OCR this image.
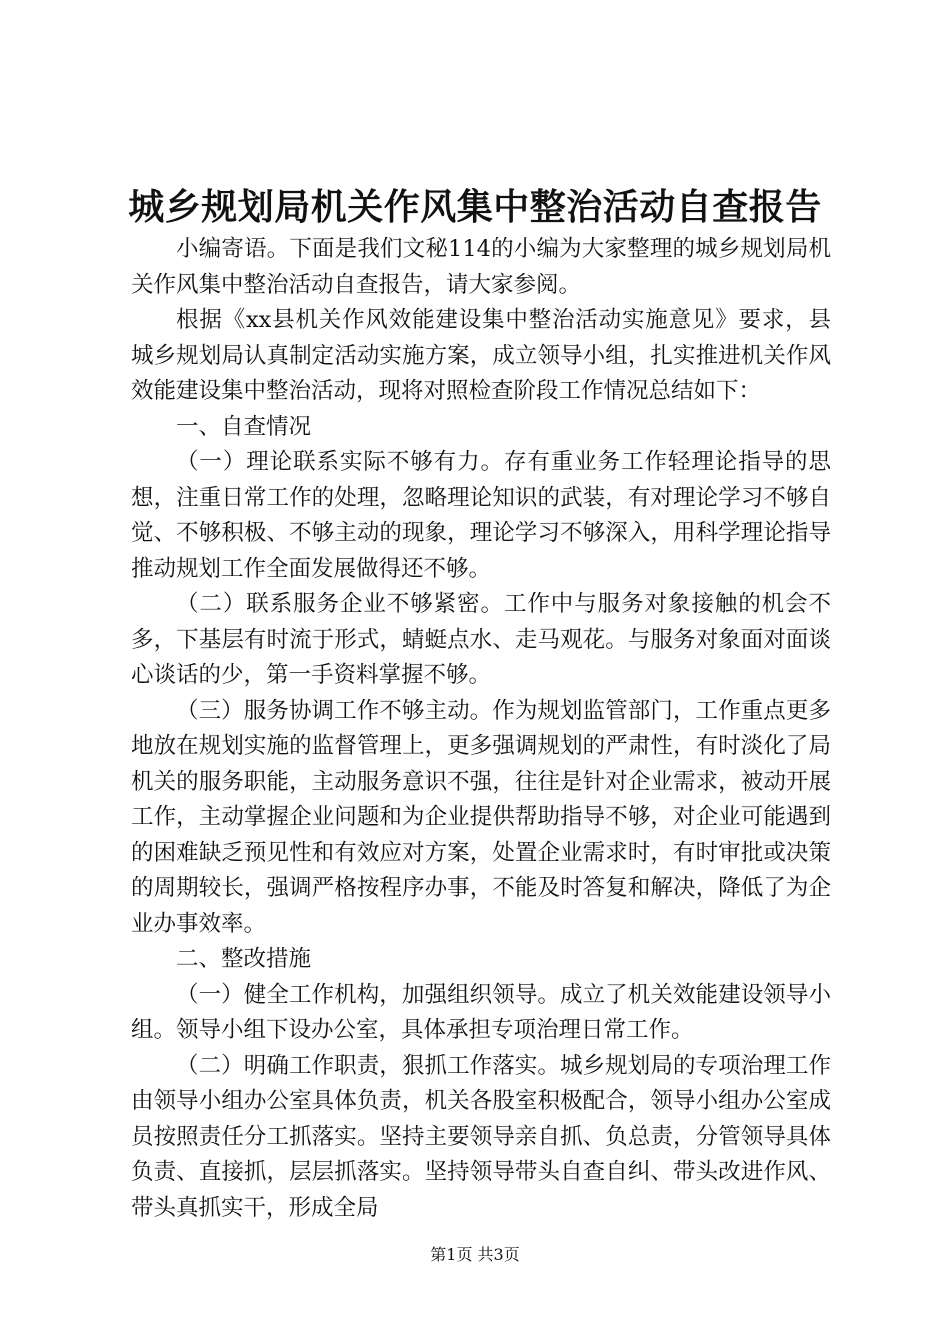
城乡规划局机关作风集中整治活动自查报告

小编寄语。下面是我们文秘114的小编为大家整理的城乡规划局机关作风集中整治活动自查报告，请大家参阅。

根据《xx县机关作风效能建设集中整治活动实施意见》要求，县城乡规划局认真制定活动实施方案，成立领导小组，扎实推进机关作风效能建设集中整治活动，现将对照检查阶段工作情况总结如下：

一、自查情况

（一）理论联系实际不够有力。存有重业务工作轻理论指导的思想，注重日常工作的处理，忽略理论知识的武装，有对理论学习不够自觉、不够积极、不够主动的现象，理论学习不够深入，用科学理论指导推动规划工作全面发展做得还不够。

（二）联系服务企业不够紧密。工作中与服务对象接触的机会不多，下基层有时流于形式，蜻蜓点水、走马观花。与服务对象面对面谈心谈话的少，第一手资料掌握不够。

（三）服务协调工作不够主动。作为规划监管部门，工作重点更多地放在规划实施的监督管理上，更多强调规划的严肃性，有时淡化了局机关的服务职能，主动服务意识不强，往往是针对企业需求，被动开展工作，主动掌握企业问题和为企业提供帮助指导不够，对企业可能遇到的困难缺乏预见性和有效应对方案，处置企业需求时，有时审批或决策的周期较长，强调严格按程序办事，不能及时答复和解决，降低了为企业办事效率。

二、整改措施

（一）健全工作机构，加强组织领导。成立了机关效能建设领导小组。领导小组下设办公室，具体承担专项治理日常工作。

（二）明确工作职责，狠抓工作落实。城乡规划局的专项治理工作由领导小组办公室具体负责，机关各股室积极配合，领导小组办公室成员按照责任分工抓落实。坚持主要领导亲自抓、负总责，分管领导具体负责、直接抓，层层抓落实。坚持领导带头自查自纠、带头改进作风、带头真抓实干，形成全局

第1页 共3页
